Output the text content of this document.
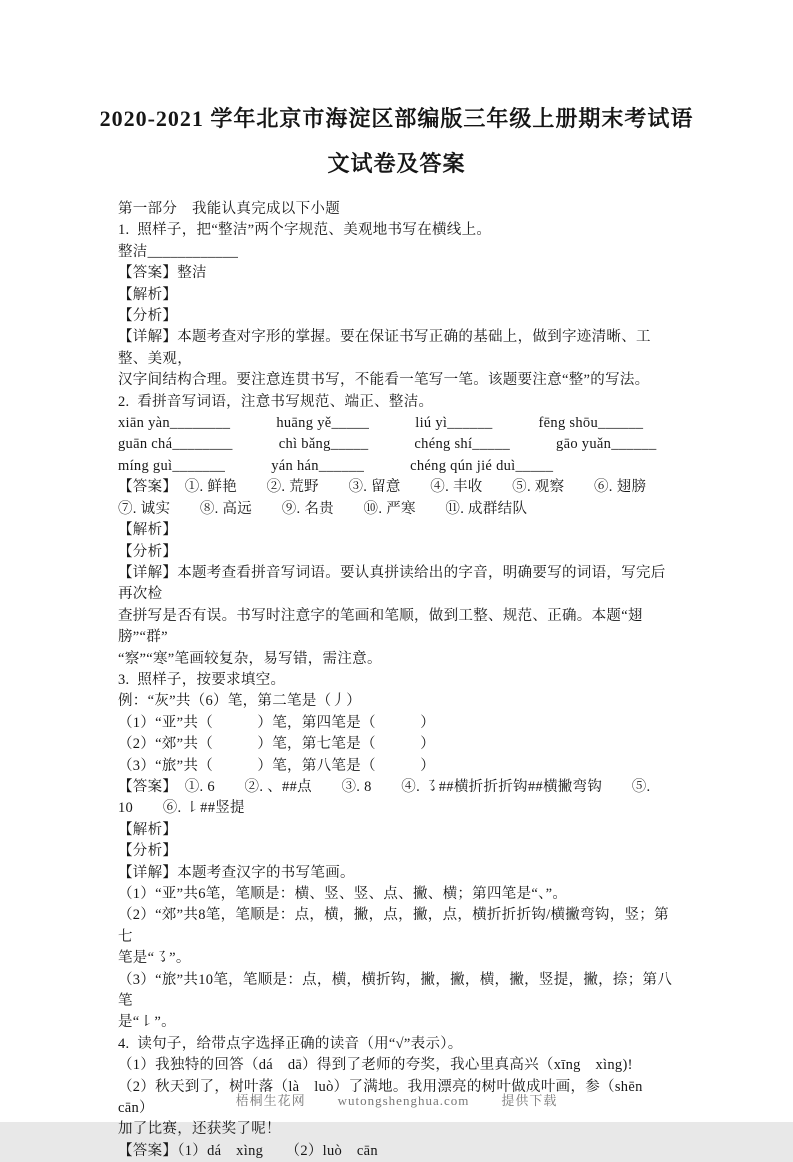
2020-2021 学年北京市海淀区部编版三年级上册期末考试语
文试卷及答案

第一部分　我能认真完成以下小题

1.  照样子，把“整洁”两个字规范、美观地书写在横线上。

整洁____________

【答案】整洁

【解析】

【分析】

【详解】本题考查对字形的掌握。要在保证书写正确的基础上，做到字迹清晰、工整、美观，

汉字间结构合理。要注意连贯书写，不能看一笔写一笔。该题要注意“整”的写法。

2.  看拼音写词语，注意书写规范、端正、整洁。

xiān yàn________	huāng yě_____	liú yì______	fēng shōu______

guān chá________	chì bǎng_____	chéng shí_____	gāo yuǎn______

míng guì_______	yán hán______	chéng qún jié duì_____

【答案】　①. 鲜艳　　②. 荒野　　③. 留意　　④. 丰收　　⑤. 观察　　⑥. 翅膀

⑦. 诚实　　⑧. 高远　　⑨. 名贵　　⑩. 严寒　　⑪. 成群结队

【解析】

【分析】

【详解】本题考查看拼音写词语。要认真拼读给出的字音，明确要写的词语，写完后再次检

查拼写是否有误。书写时注意字的笔画和笔顺，做到工整、规范、正确。本题“翅膀”“群”

“察”“寒”笔画较复杂，易写错，需注意。

3.  照样子，按要求填空。

例：“灰”共（6）笔，第二笔是（丿）

（1）“亚”共（　　　）笔，第四笔是（　　　）

（2）“郊”共（　　　）笔，第七笔是（　　　）

（3）“旅”共（　　　）笔，第八笔是（　　　）

【答案】　①. 6　　②. 、##点　　③. 8　　④. ㇌##横折折折钩##横撇弯钩　　⑤.

10　　⑥. ㇙##竖提

【解析】

【分析】

【详解】本题考查汉字的书写笔画。

（1）“亚”共6笔，笔顺是：横、竖、竖、点、撇、横；第四笔是“、”。

（2）“郊”共8笔，笔顺是：点，横，撇，点，撇，点，横折折折钩/横撇弯钩，竖；第七

笔是“㇌”。

（3）“旅”共10笔，笔顺是：点，横，横折钩，撇，撇，横，撇，竖提，撇，捺；第八笔

是“㇙”。

4.  读句子，给带点字选择正确的读音（用“√”表示）。

（1）我独特的回答（dá　dā）得到了老师的夸奖，我心里真高兴（xīng　xìng)!

（2）秋天到了，树叶落（là　luò）了满地。我用漂亮的树叶做成叶画，参（shēn　cān）

加了比赛，还获奖了呢！

【答案】（1）dá　xìng　　（2）luò　cān

梧桐生花网 wutongshenghua.com 提供下载
